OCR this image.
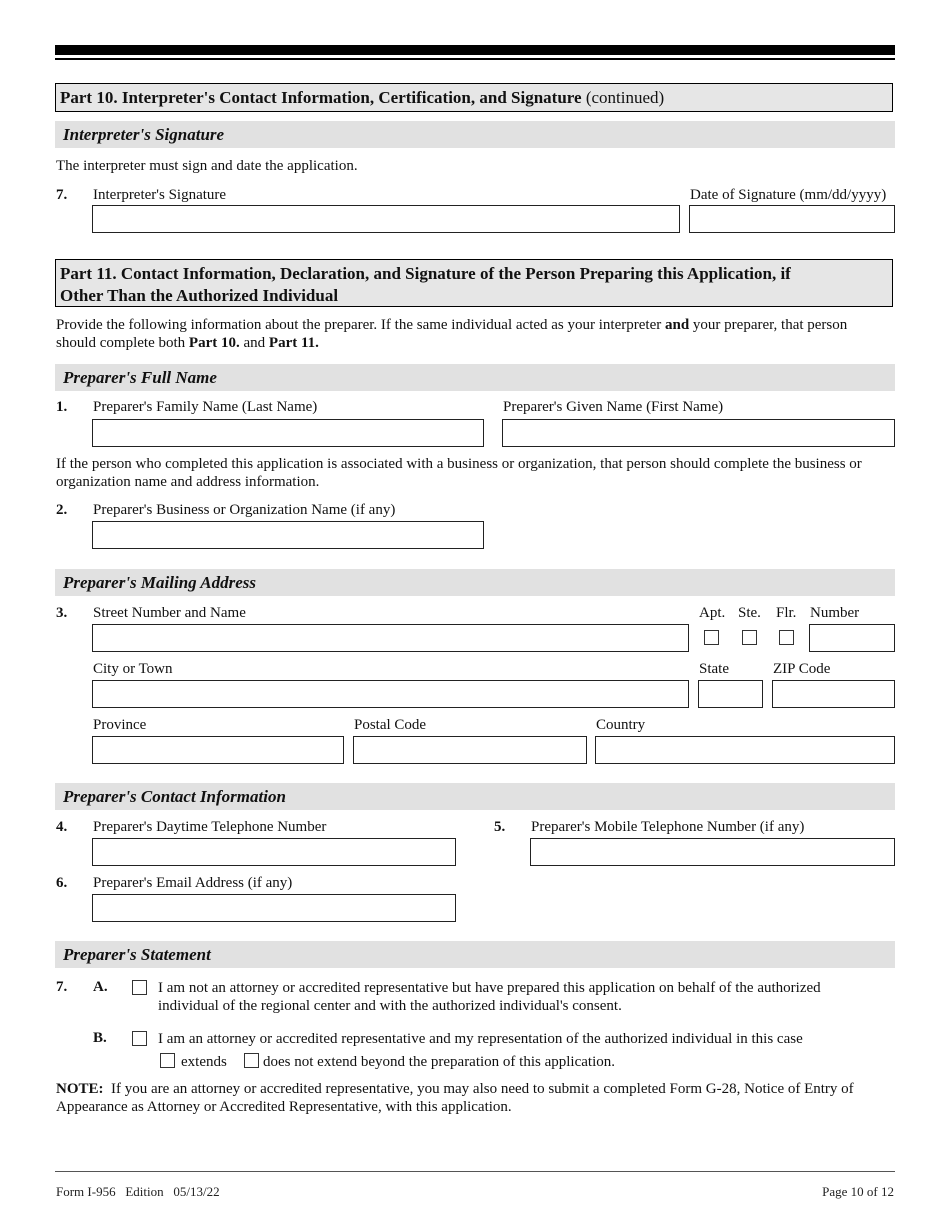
Part 10. Interpreter's Contact Information, Certification, and Signature (continued)
Interpreter's Signature
The interpreter must sign and date the application.
7. Interpreter's Signature	Date of Signature (mm/dd/yyyy)
Part 11. Contact Information, Declaration, and Signature of the Person Preparing this Application, if
Other Than the Authorized Individual
Provide the following information about the preparer. If the same individual acted as your interpreter and your preparer, that person
should complete both Part 10. and Part 11.
Preparer's Full Name
1. Preparer's Family Name (Last Name)	Preparer's Given Name (First Name)
If the person who completed this application is associated with a business or organization, that person should complete the business or
organization name and address information.
2. Preparer's Business or Organization Name (if any)
Preparer's Mailing Address
3. Street Number and Name	Apt. Ste. Flr. Number
City or Town	State	ZIP Code
Province	Postal Code	Country
Preparer's Contact Information
4. Preparer's Daytime Telephone Number	5. Preparer's Mobile Telephone Number (if any)
6. Preparer's Email Address (if any)
Preparer's Statement
7. A.	I am not an attorney or accredited representative but have prepared this application on behalf of the authorized
individual of the regional center and with the authorized individual's consent.
B.	I am an attorney or accredited representative and my representation of the authorized individual in this case
extends does not extend beyond the preparation of this application.
NOTE:  If you are an attorney or accredited representative, you may also need to submit a completed Form G-28, Notice of Entry of
Appearance as Attorney or Accredited Representative, with this application.
Form I-956   Edition   05/13/22	Page 10 of 12
